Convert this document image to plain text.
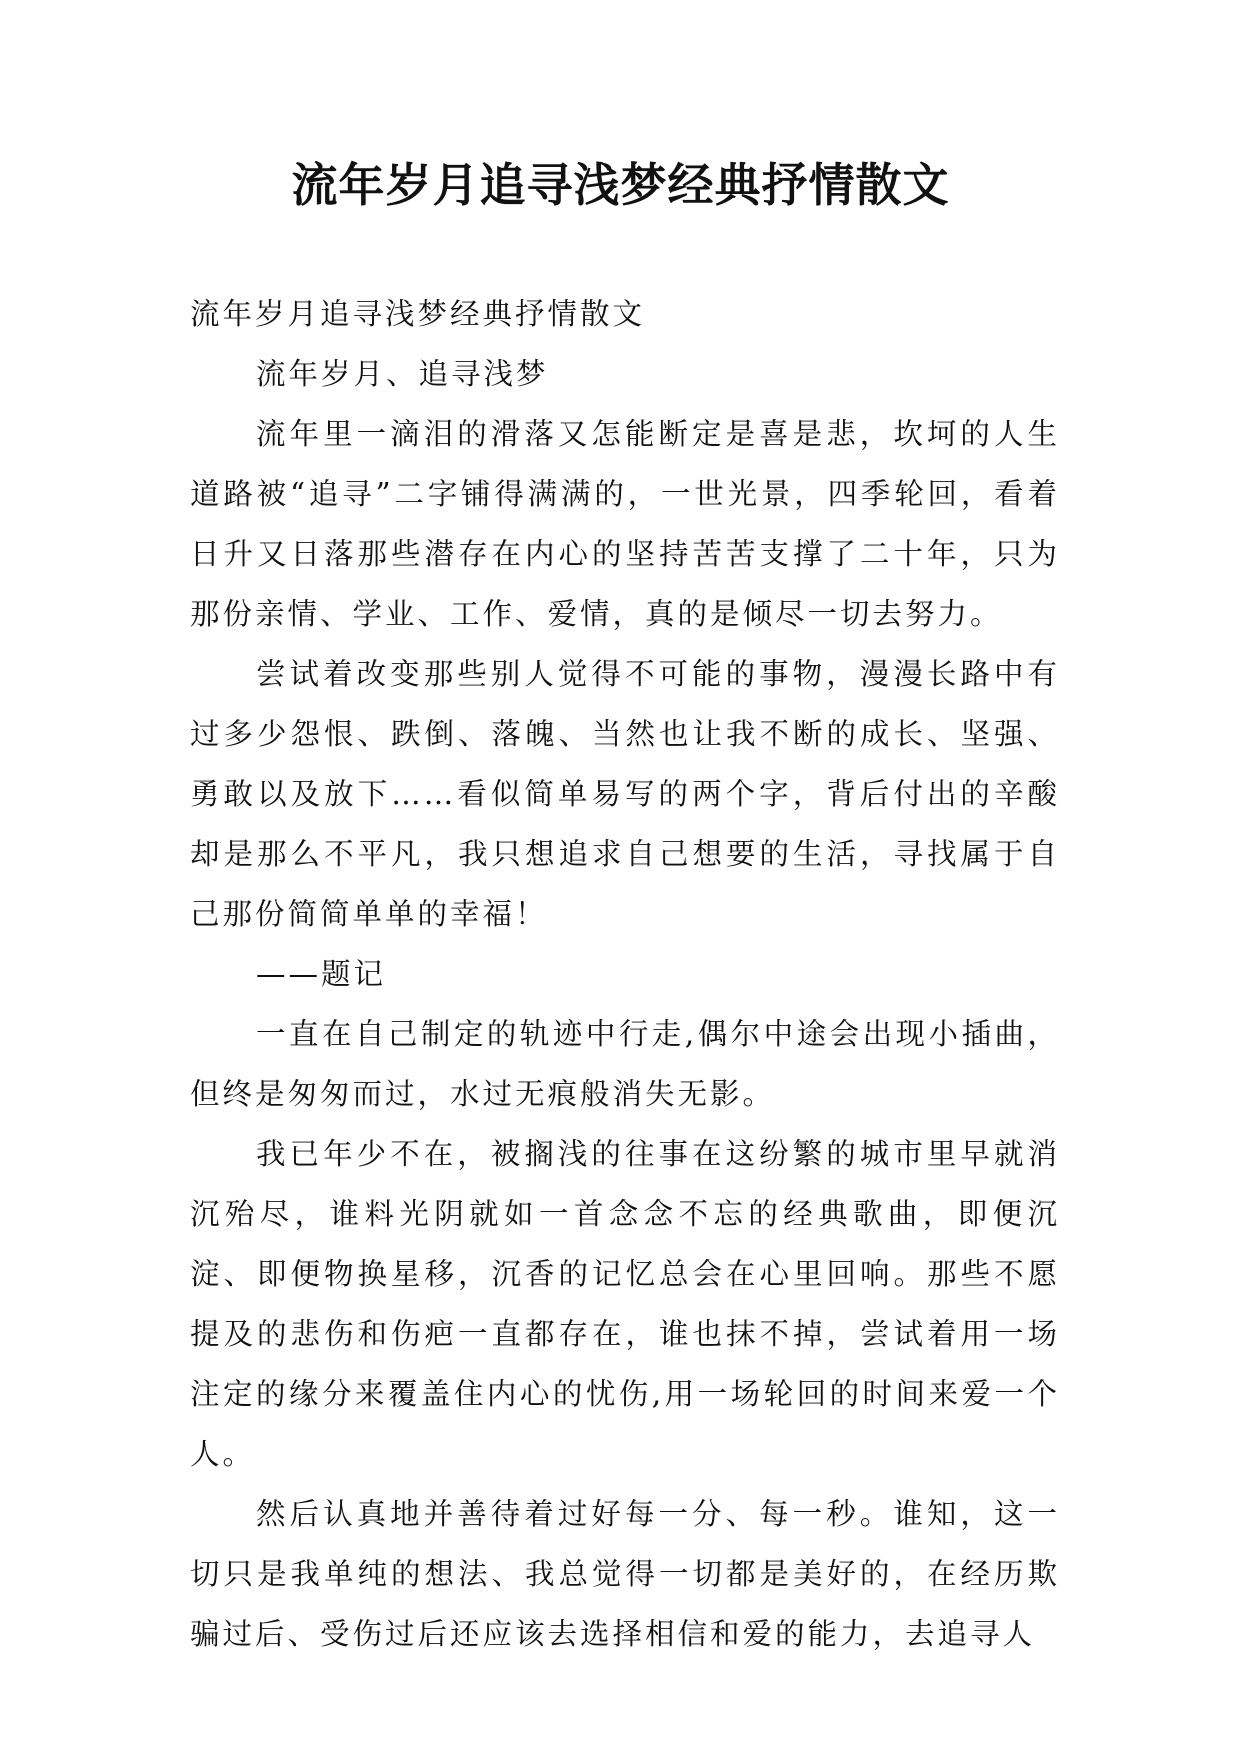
流年岁月追寻浅梦经典抒情散文

流年岁月追寻浅梦经典抒情散文

流年岁月、追寻浅梦

流年里一滴泪的滑落又怎能断定是喜是悲，坎坷的人生道路被“追寻”二字铺得满满的，一世光景，四季轮回，看着日升又日落那些潜存在内心的坚持苦苦支撑了二十年，只为那份亲情、学业、工作、爱情，真的是倾尽一切去努力。

尝试着改变那些别人觉得不可能的事物，漫漫长路中有过多少怨恨、跌倒、落魄、当然也让我不断的成长、坚强、勇敢以及放下……看似简单易写的两个字，背后付出的辛酸却是那么不平凡，我只想追求自己想要的生活，寻找属于自己那份简简单单的幸福！

——题记

一直在自己制定的轨迹中行走,偶尔中途会出现小插曲，但终是匆匆而过，水过无痕般消失无影。

我已年少不在，被搁浅的往事在这纷繁的城市里早就消沉殆尽，谁料光阴就如一首念念不忘的经典歌曲，即便沉淀、即便物换星移，沉香的记忆总会在心里回响。那些不愿提及的悲伤和伤疤一直都存在，谁也抹不掉，尝试着用一场注定的缘分来覆盖住内心的忧伤,用一场轮回的时间来爱一个人。

然后认真地并善待着过好每一分、每一秒。谁知，这一切只是我单纯的想法、我总觉得一切都是美好的，在经历欺骗过后、受伤过后还应该去选择相信和爱的能力，去追寻人
